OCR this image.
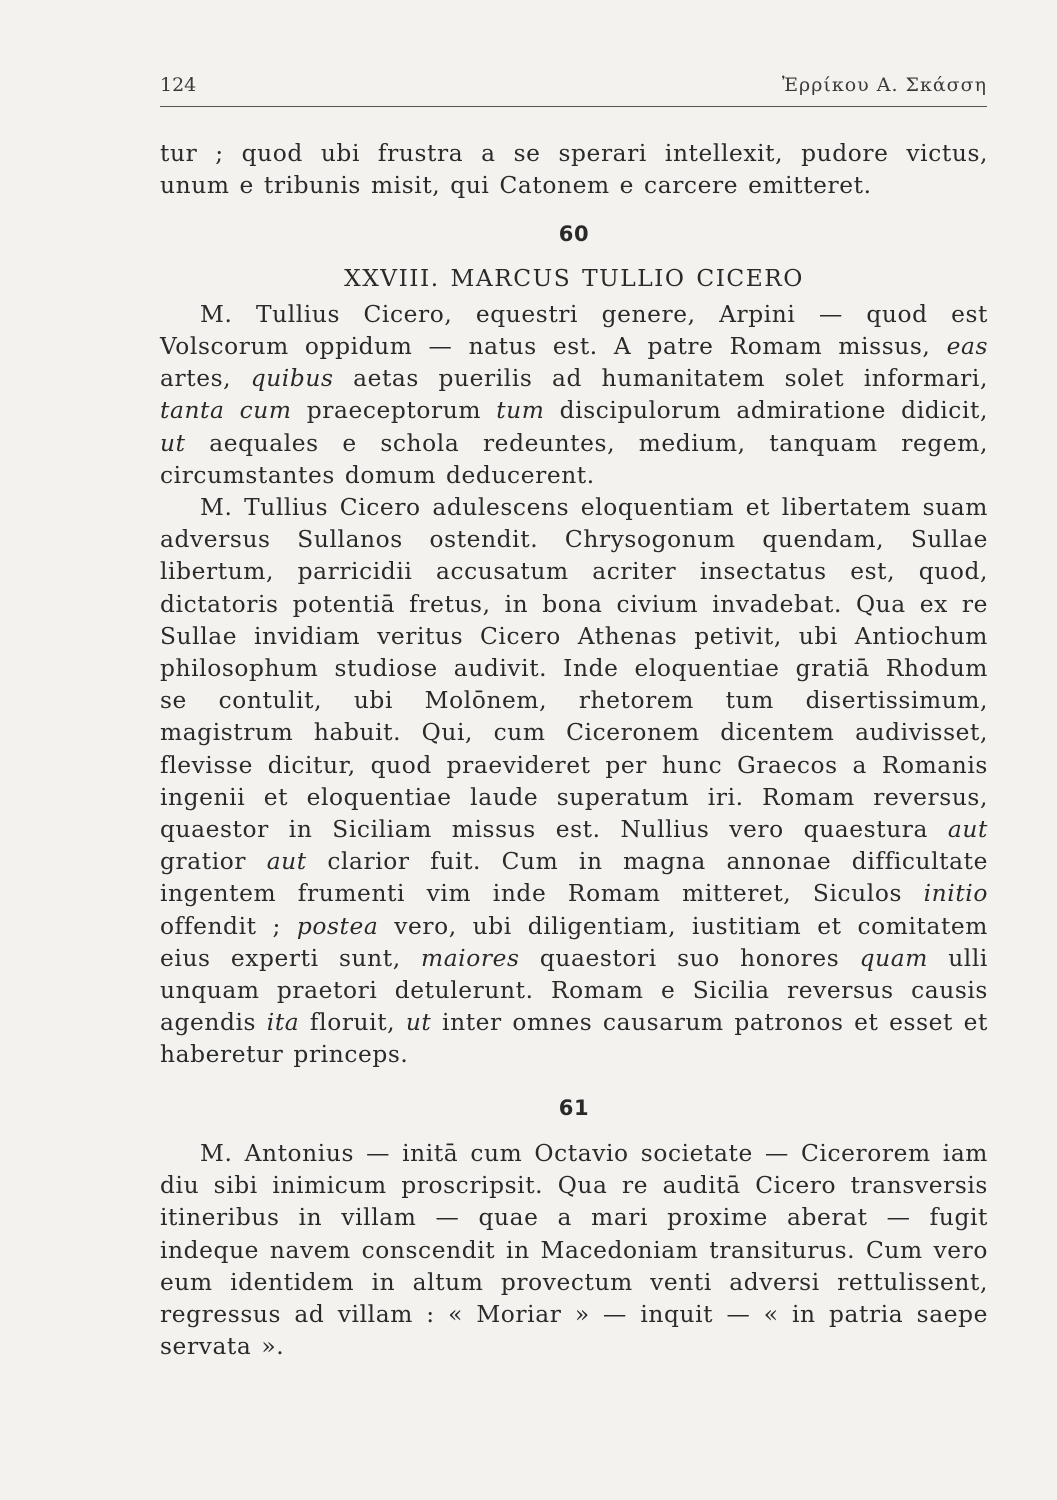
124	Ἐρρίκου Α. Σκάσση

tur ; quod ubi frustra a se sperari intellexit, pudore victus, unum e tribunis misit, qui Catonem e carcere emitteret.

60

XXVIII. MARCUS TULLIO CICERO

M. Tullius Cicero, equestri genere, Arpini — quod est Volscorum oppidum — natus est. A patre Romam missus, eas artes, quibus aetas puerilis ad humanitatem solet informari, tanta cum praeceptorum tum discipulorum admiratione didicit, ut aequales e schola redeuntes, medium, tanquam regem, circumstantes domum deducerent.

M. Tullius Cicero adulescens eloquentiam et libertatem suam adversus Sullanos ostendit. Chrysogonum quendam, Sullae libertum, parricidii accusatum acriter insectatus est, quod, dictatoris potentiā fretus, in bona civium invadebat. Qua ex re Sullae invidiam veritus Cicero Athenas petivit, ubi Antiochum philosophum studiose audivit. Inde eloquentiae gratiā Rhodum se contulit, ubi Molōnem, rhetorem tum disertissimum, magistrum habuit. Qui, cum Ciceronem dicentem audivisset, flevisse dicitur, quod praevideret per hunc Graecos a Romanis ingenii et eloquentiae laude superatum iri. Romam reversus, quaestor in Siciliam missus est. Nullius vero quaestura aut gratior aut clarior fuit. Cum in magna annonae difficultate ingentem frumenti vim inde Romam mitteret, Siculos initio offendit ; postea vero, ubi diligentiam, iustitiam et comitatem eius experti sunt, maiores quaestori suo honores quam ulli unquam praetori detulerunt. Romam e Sicilia reversus causis agendis ita floruit, ut inter omnes causarum patronos et esset et haberetur princeps.

61

M. Antonius — initā cum Octavio societate — Cicerorem iam diu sibi inimicum proscripsit. Qua re auditā Cicero transversis itineribus in villam — quae a mari proxime aberat — fugit indeque navem conscendit in Macedoniam transiturus. Cum vero eum identidem in altum provectum venti adversi rettulissent, regressus ad villam : « Moriar » — inquit — « in patria saepe servata ».
